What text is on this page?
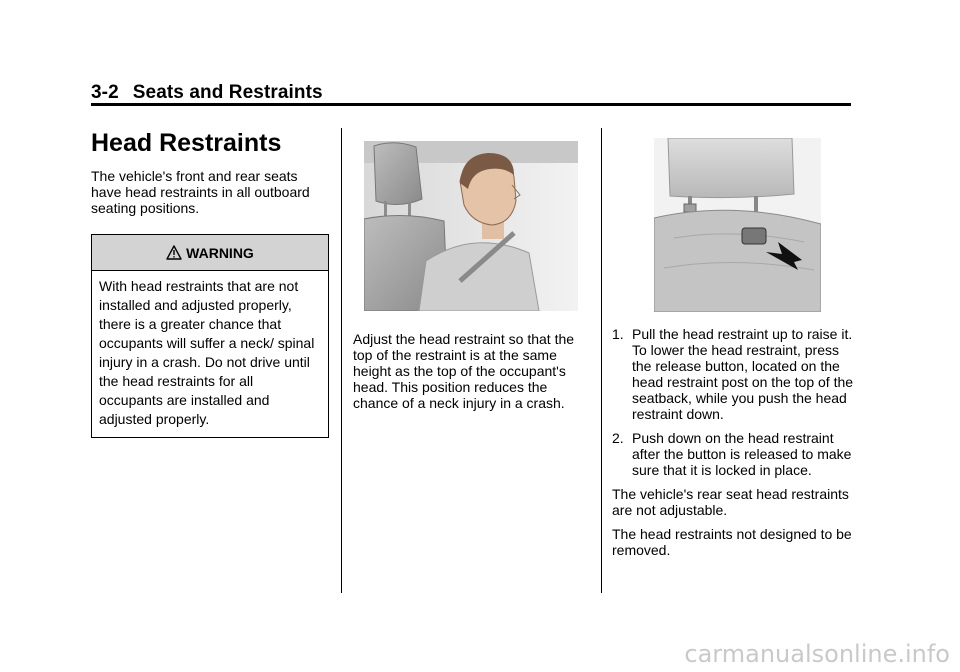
3-2 Seats and Restraints
Head Restraints

The vehicle's front and rear seats have head restraints in all outboard seating positions.

WARNING
With head restraints that are not installed and adjusted properly, there is a greater chance that occupants will suffer a neck/ spinal injury in a crash. Do not drive until the head restraints for all occupants are installed and adjusted properly.
Adjust the head restraint so that the top of the restraint is at the same height as the top of the occupant's head. This position reduces the chance of a neck injury in a crash.
1. Pull the head restraint up to raise it. To lower the head restraint, press the release button, located on the head restraint post on the top of the seatback, while you push the head restraint down.
2. Push down on the head restraint after the button is released to make sure that it is locked in place.

The vehicle's rear seat head restraints are not adjustable.

The head restraints not designed to be removed.

carmanualsonline.info
